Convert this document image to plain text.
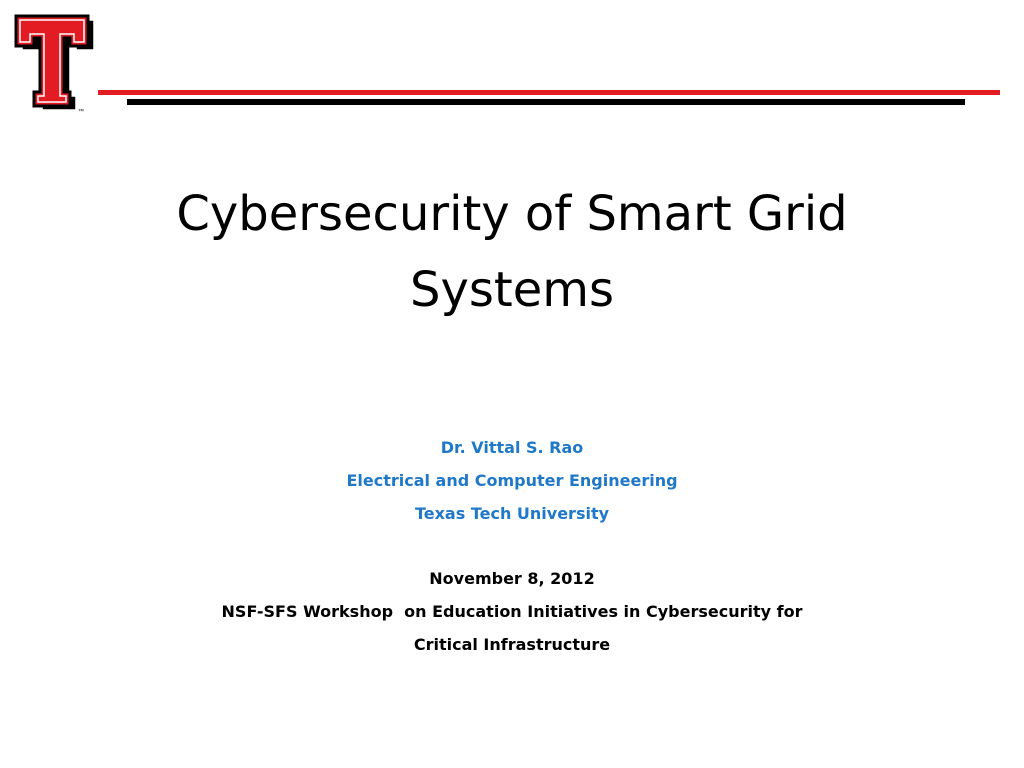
™
Cybersecurity of Smart Grid Systems
Dr. Vittal S. Rao
Electrical and Computer Engineering
Texas Tech University
November 8, 2012
NSF-SFS Workshop  on Education Initiatives in Cybersecurity for
Critical Infrastructure
